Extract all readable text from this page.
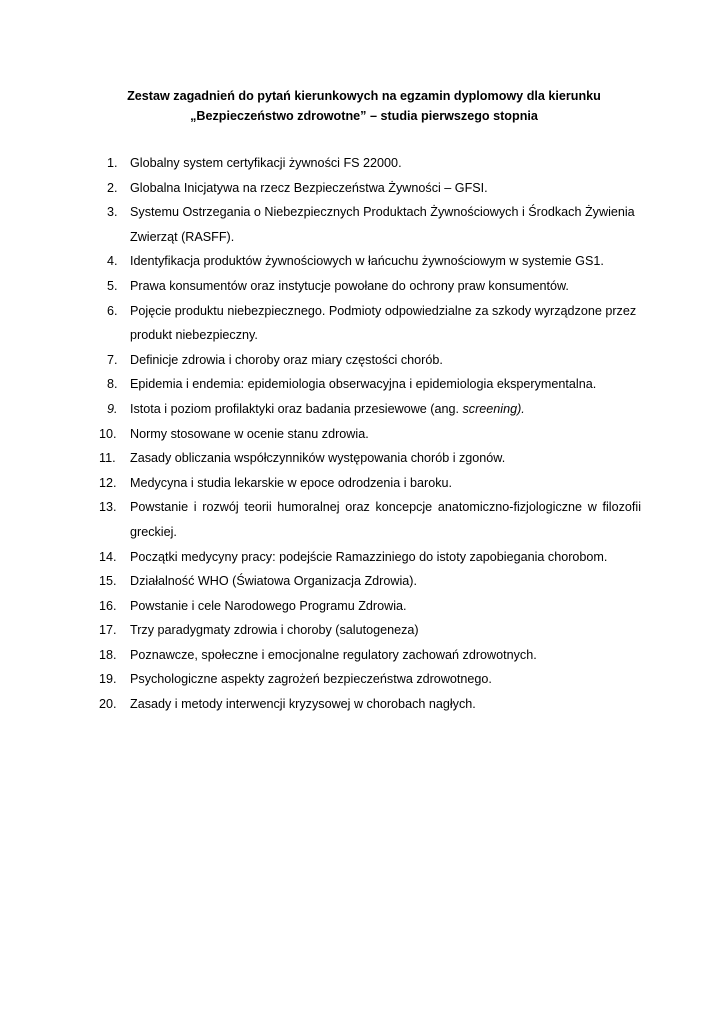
Zestaw zagadnień do pytań kierunkowych na egzamin dyplomowy dla kierunku „Bezpieczeństwo zdrowotne” – studia pierwszego stopnia
1. Globalny system certyfikacji żywności FS 22000.
2. Globalna Inicjatywa na rzecz Bezpieczeństwa Żywności – GFSI.
3. Systemu Ostrzegania o Niebezpiecznych Produktach Żywnościowych i Środkach Żywienia Zwierząt (RASFF).
4. Identyfikacja produktów żywnościowych w łańcuchu żywnościowym w systemie GS1.
5. Prawa konsumentów oraz instytucje powołane do ochrony praw konsumentów.
6. Pojęcie produktu niebezpiecznego. Podmioty odpowiedzialne za szkody wyrządzone przez produkt niebezpieczny.
7. Definicje zdrowia i choroby oraz miary częstości chorób.
8. Epidemia i endemia: epidemiologia obserwacyjna i epidemiologia eksperymentalna.
9. Istota i poziom profilaktyki oraz badania przesiewowe (ang. screening).
10.	Normy stosowane w ocenie stanu zdrowia.
11.	Zasady obliczania współczynników występowania chorób i zgonów.
12.	Medycyna i studia lekarskie w epoce odrodzenia i baroku.
13.	Powstanie i rozwój teorii humoralnej oraz koncepcje anatomiczno-fizjologiczne w filozofii greckiej.
14.	Początki medycyny pracy: podejście Ramazziniego do istoty zapobiegania chorobom.
15.	Działalność WHO (Światowa Organizacja Zdrowia).
16.	Powstanie i cele Narodowego Programu Zdrowia.
17.	Trzy paradygmaty zdrowia i choroby (salutogeneza)
18.	Poznawcze, społeczne i emocjonalne regulatory zachowań zdrowotnych.
19.	Psychologiczne aspekty zagrożeń bezpieczeństwa zdrowotnego.
20.	Zasady i metody interwencji kryzysowej w chorobach nagłych.
